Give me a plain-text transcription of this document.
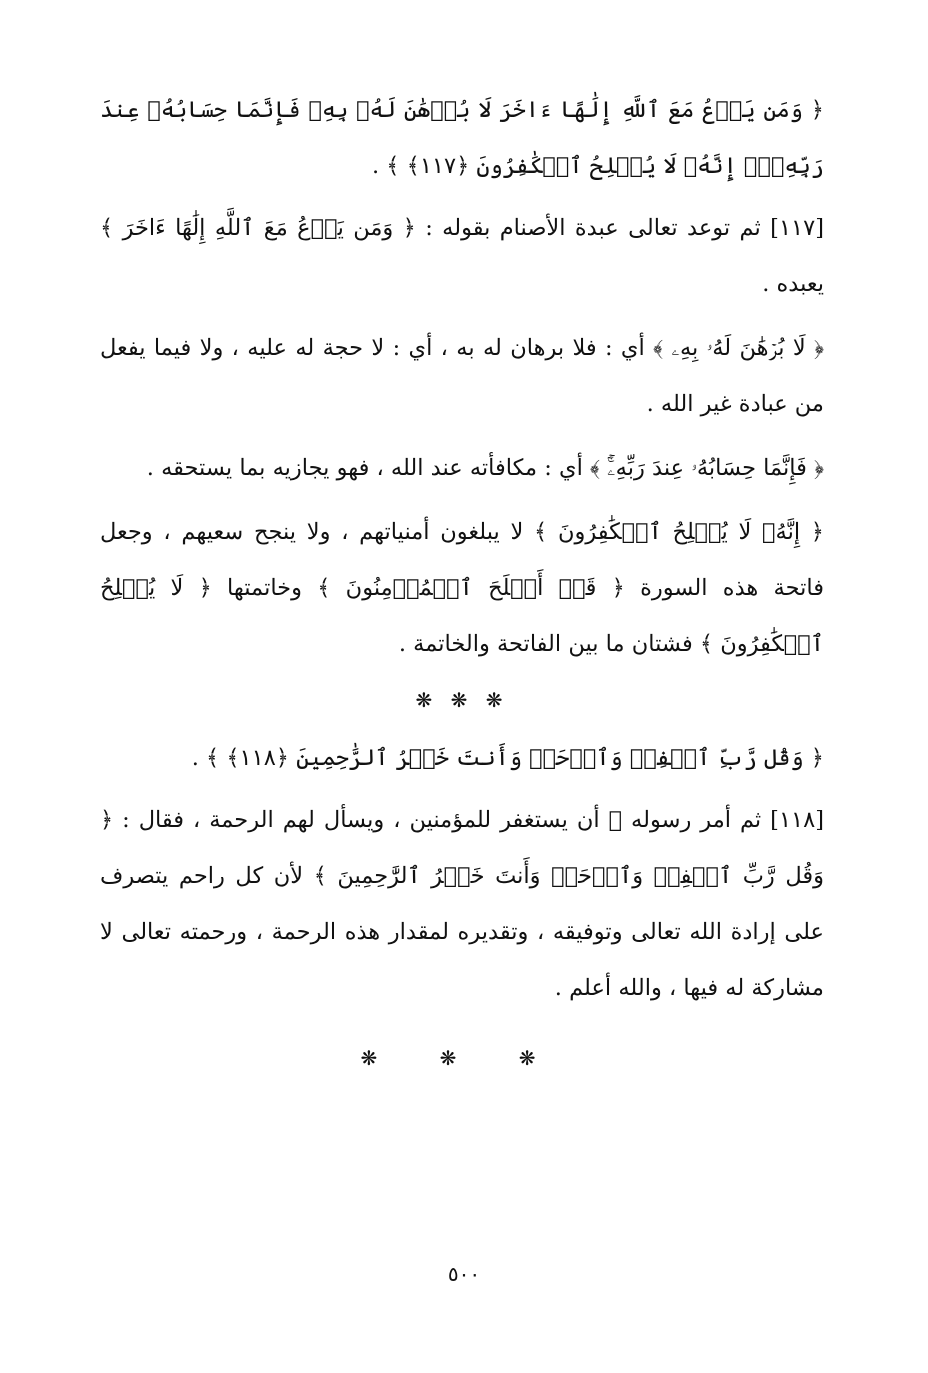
﴿ وَمَن يَدۡعُ مَعَ ٱللَّهِ إِلَٰهًا ءَاخَرَ لَا بُرۡهَٰنَ لَهُۥ بِهِۦ فَإِنَّمَا حِسَابُهُۥ عِندَ رَبِّهِۦٓۚ إِنَّهُۥ لَا يُفۡلِحُ ٱلۡكَٰفِرُونَ ﴿١١٧﴾ ﴾ .

[١١٧] ثم توعد تعالى عبدة الأصنام بقوله : ﴿ وَمَن يَدۡعُ مَعَ ٱللَّهِ إِلَٰهًا ءَاخَرَ ﴾ يعبده .

﴿ لَا بُرۡهَٰنَ لَهُۥ بِهِۦ ﴾ أي : فلا برهان له به ، أي : لا حجة له عليه ، ولا فيما يفعل من عبادة غير الله .

﴿ فَإِنَّمَا حِسَابُهُۥ عِندَ رَبِّهِۦٓۚ ﴾ أي : مكافأته عند الله ، فهو يجازيه بما يستحقه .

﴿ إِنَّهُۥ لَا يُفۡلِحُ ٱلۡكَٰفِرُونَ ﴾ لا يبلغون أمنياتهم ، ولا ينجح سعيهم ، وجعل فاتحة هذه السورة ﴿ قَدۡ أَفۡلَحَ ٱلۡمُؤۡمِنُونَ ﴾ وخاتمتها ﴿ لَا يُفۡلِحُ ٱلۡكَٰفِرُونَ ﴾ فشتان ما بين الفاتحة والخاتمة .

❋ ❋ ❋

﴿ وَقُل رَّبِّ ٱغۡفِرۡ وَٱرۡحَمۡ وَأَنتَ خَيۡرُ ٱلرَّٰحِمِينَ ﴿١١٨﴾ ﴾ .

[١١٨] ثم أمر رسوله ﷺ أن يستغفر للمؤمنين ، ويسأل لهم الرحمة ، فقال : ﴿ وَقُل رَّبِّ ٱغۡفِرۡ وَٱرۡحَمۡ وَأَنتَ خَيۡرُ ٱلرَّٰحِمِينَ ﴾ لأن كل راحم يتصرف على إرادة الله تعالى وتوفيقه ، وتقديره لمقدار هذه الرحمة ، ورحمته تعالى لا مشاركة له فيها ، والله أعلم .

❋ ❋ ❋
٥٠٠
